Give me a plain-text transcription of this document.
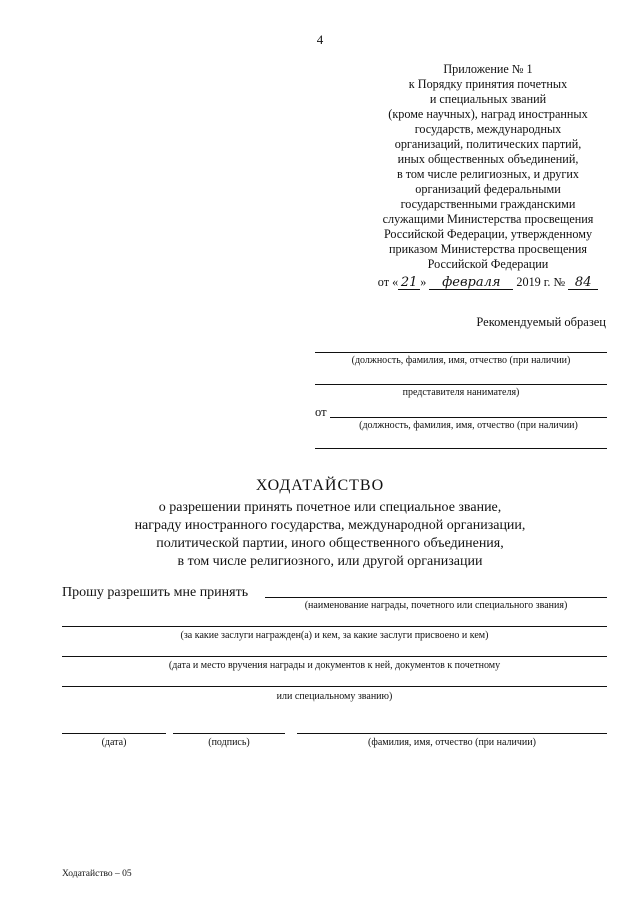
4
Приложение № 1
к Порядку принятия почетных
и специальных званий
(кроме научных), наград иностранных
государств, международных
организаций, политических партий,
иных общественных объединений,
в том числе религиозных, и других
организаций федеральными
государственными гражданскими
служащими Министерства просвещения
Российской Федерации, утвержденному
приказом Министерства просвещения
Российской Федерации
от « 21 » февраля 2019 г. № 84
Рекомендуемый образец
(должность, фамилия, имя, отчество (при наличии)
представителя нанимателя)
от
(должность, фамилия, имя, отчество (при наличии)
ХОДАТАЙСТВО
о разрешении принять почетное или специальное звание,
награду иностранного государства, международной организации,
политической партии, иного общественного объединения,
в том числе религиозного, или другой организации
Прошу разрешить мне принять
(наименование награды, почетного или специального звания)
(за какие заслуги награжден(а) и кем, за какие заслуги присвоено и кем)
(дата и место вручения награды и документов к ней, документов к почетному
или специальному званию)
(дата)	(подпись)	(фамилия, имя, отчество (при наличии)
Ходатайство – 05
